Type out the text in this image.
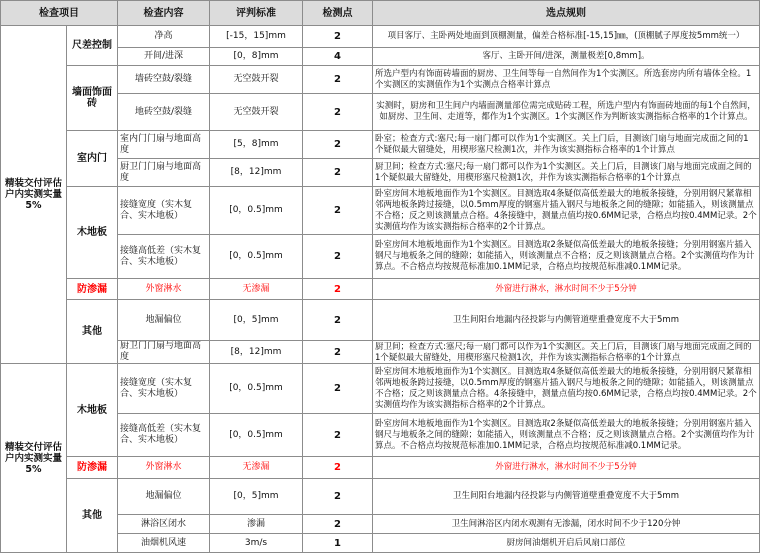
检查项目		检查内容	评判标准	检测点	选点规则
精装交付评估户内实测实量5%	尺差控制	净高	[-15，15]mm	2	项目客厅、主卧两处地面到顶棚测量，偏差合格标准[-15,15]㎜，(顶棚腻子厚度按5mm统一）
		开间/进深	[0，8]mm	4	客厅、主卧开间/进深，测量极差[0,8mm]。
	墙面饰面砖	墙砖空鼓/裂缝	无空鼓开裂	2	所选户型内有饰面砖墙面的厨房、卫生间等每一自然间作为1个实测区。所选套房内所有墙体全检。1个实测区的实测值作为1个实测点合格率计算点
		地砖空鼓/裂缝	无空鼓开裂	2	实测时，厨房和卫生间户内墙面测量部位需完成贴砖工程，所选户型内有饰面砖地面的每1个自然间，如厨房、卫生间、走道等，都作为1个实测区。1个实测区作为判断该实测指标合格率的1个计算点。
	室内门	室内门门扇与地面高度	[5，8]mm	2	卧室；检查方式:塞尺;每一扇门都可以作为1个实测区。关上门后，目测该门扇与地面完成面之间的1个疑似最大留缝处，用楔形塞尺检测1次，并作为该实测指标合格率的1个计算点
		厨卫门门扇与地面高度	[8，12]mm	2	厨卫间；检查方式:塞尺;每一扇门都可以作为1个实测区。关上门后，目测该门扇与地面完成面之间的1个疑似最大留缝处，用楔形塞尺检测1次，并作为该实测指标合格率的1个计算点
	木地板	接缝宽度（实木复合、实木地板）	[0，0.5]mm	2	卧室房间木地板地面作为1个实测区。目测选取4条疑似高低差最大的地板条接缝，分别用钢尺紧靠相邻两地板条跨过接缝，以0.5mm厚度的钢塞片插入钢尺与地板条之间的缝隙；如能插入，则该测量点不合格；反之则该测量点合格。4条接缝中，测量点值均按0.6MM记录，合格点均按0.4MM记录。2个实测值均作为该实测指标合格率的2个计算点。
		接缝高低差（实木复合、实木地板）	[0，0.5]mm	2	卧室房间木地板地面作为1个实测区。目测选取2条疑似高低差最大的地板条接缝；分别用钢塞片插入钢尺与地板条之间的缝隙；如能插入，则该测量点不合格；反之则该测量点合格。2个实测值均作为计算点。不合格点均按规范标准加0.1MM记录，合格点均按规范标准减0.1MM记录。
	防渗漏	外窗淋水	无渗漏	2	外窗进行淋水，淋水时间不少于5分钟
	其他	地漏偏位	[0，5]mm	2	卫生间阳台地漏内径投影与内侧管道壁重叠宽度不大于5mm
		厨卫门门扇与地面高度	[8，12]mm	2	厨卫间；检查方式:塞尺;每一扇门都可以作为1个实测区。关上门后，目测该门扇与地面完成面之间的1个疑似最大留缝处，用楔形塞尺检测1次，并作为该实测指标合格率的1个计算点

精装交付评估户内实测实量5%	木地板	接缝宽度（实木复合、实木地板）	[0，0.5]mm	2	卧室房间木地板地面作为1个实测区。目测选取4条疑似高低差最大的地板条接缝，分别用钢尺紧靠相邻两地板条跨过接缝，以0.5mm厚度的钢塞片插入钢尺与地板条之间的缝隙；如能插入，则该测量点不合格；反之则该测量点合格。4条接缝中，测量点值均按0.6MM记录，合格点均按0.4MM记录。2个实测值均作为该实测指标合格率的2个计算点。
		接缝高低差（实木复合、实木地板）	[0，0.5]mm	2	卧室房间木地板地面作为1个实测区。目测选取2条疑似高低差最大的地板条接缝；分别用钢塞片插入钢尺与地板条之间的缝隙；如能插入，则该测量点不合格；反之则该测量点合格。2个实测值均作为计算点。不合格点均按规范标准加0.1MM记录，合格点均按规范标准减0.1MM记录。
	防渗漏	外窗淋水	无渗漏	2	外窗进行淋水，淋水时间不少于5分钟
	其他	地漏偏位	[0，5]mm	2	卫生间阳台地漏内径投影与内侧管道壁重叠宽度不大于5mm
		淋浴区闭水	渗漏	2	卫生间淋浴区内闭水观测有无渗漏，闭水时间不少于120分钟
		油烟机风速	3m/s	1	厨房间油烟机开启后风扇口部位
